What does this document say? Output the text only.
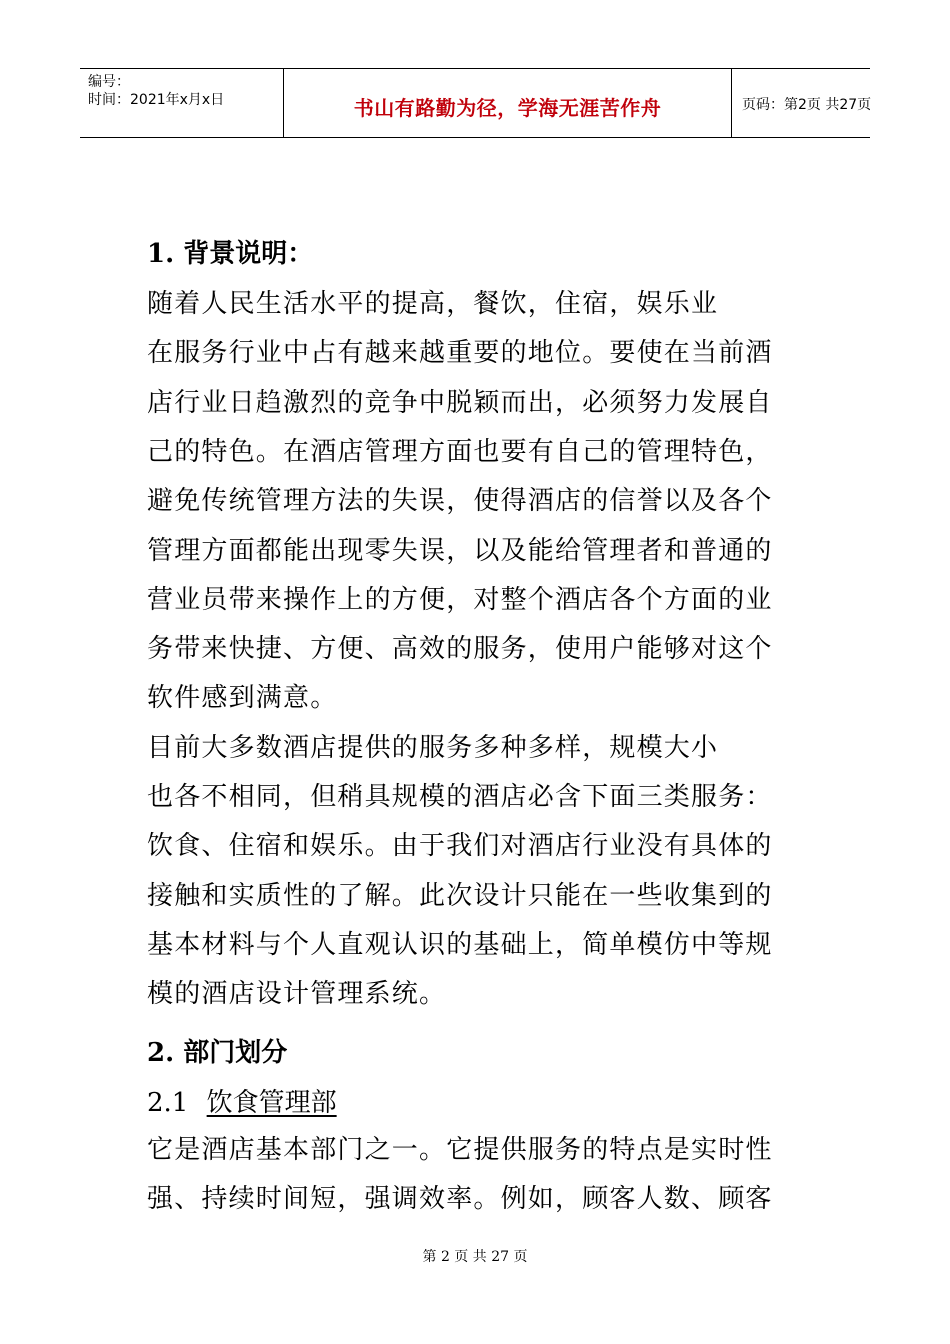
编号：
时间：2021年x月x日	书山有路勤为径，学海无涯苦作舟	页码：第2页 共27页
1. 背景说明：
随着人民生活水平的提高，餐饮，住宿，娱乐业
在服务行业中占有越来越重要的地位。要使在当前酒
店行业日趋激烈的竞争中脱颖而出，必须努力发展自
己的特色。在酒店管理方面也要有自己的管理特色，
避免传统管理方法的失误，使得酒店的信誉以及各个
管理方面都能出现零失误，以及能给管理者和普通的
营业员带来操作上的方便，对整个酒店各个方面的业
务带来快捷、方便、高效的服务，使用户能够对这个
软件感到满意。
目前大多数酒店提供的服务多种多样，规模大小
也各不相同，但稍具规模的酒店必含下面三类服务：
饮食、住宿和娱乐。由于我们对酒店行业没有具体的
接触和实质性的了解。此次设计只能在一些收集到的
基本材料与个人直观认识的基础上，简单模仿中等规
模的酒店设计管理系统。
2. 部门划分
2.1 饮食管理部
它是酒店基本部门之一。它提供服务的特点是实时性
强、持续时间短，强调效率。例如，顾客人数、顾客
第 2 页 共 27 页
